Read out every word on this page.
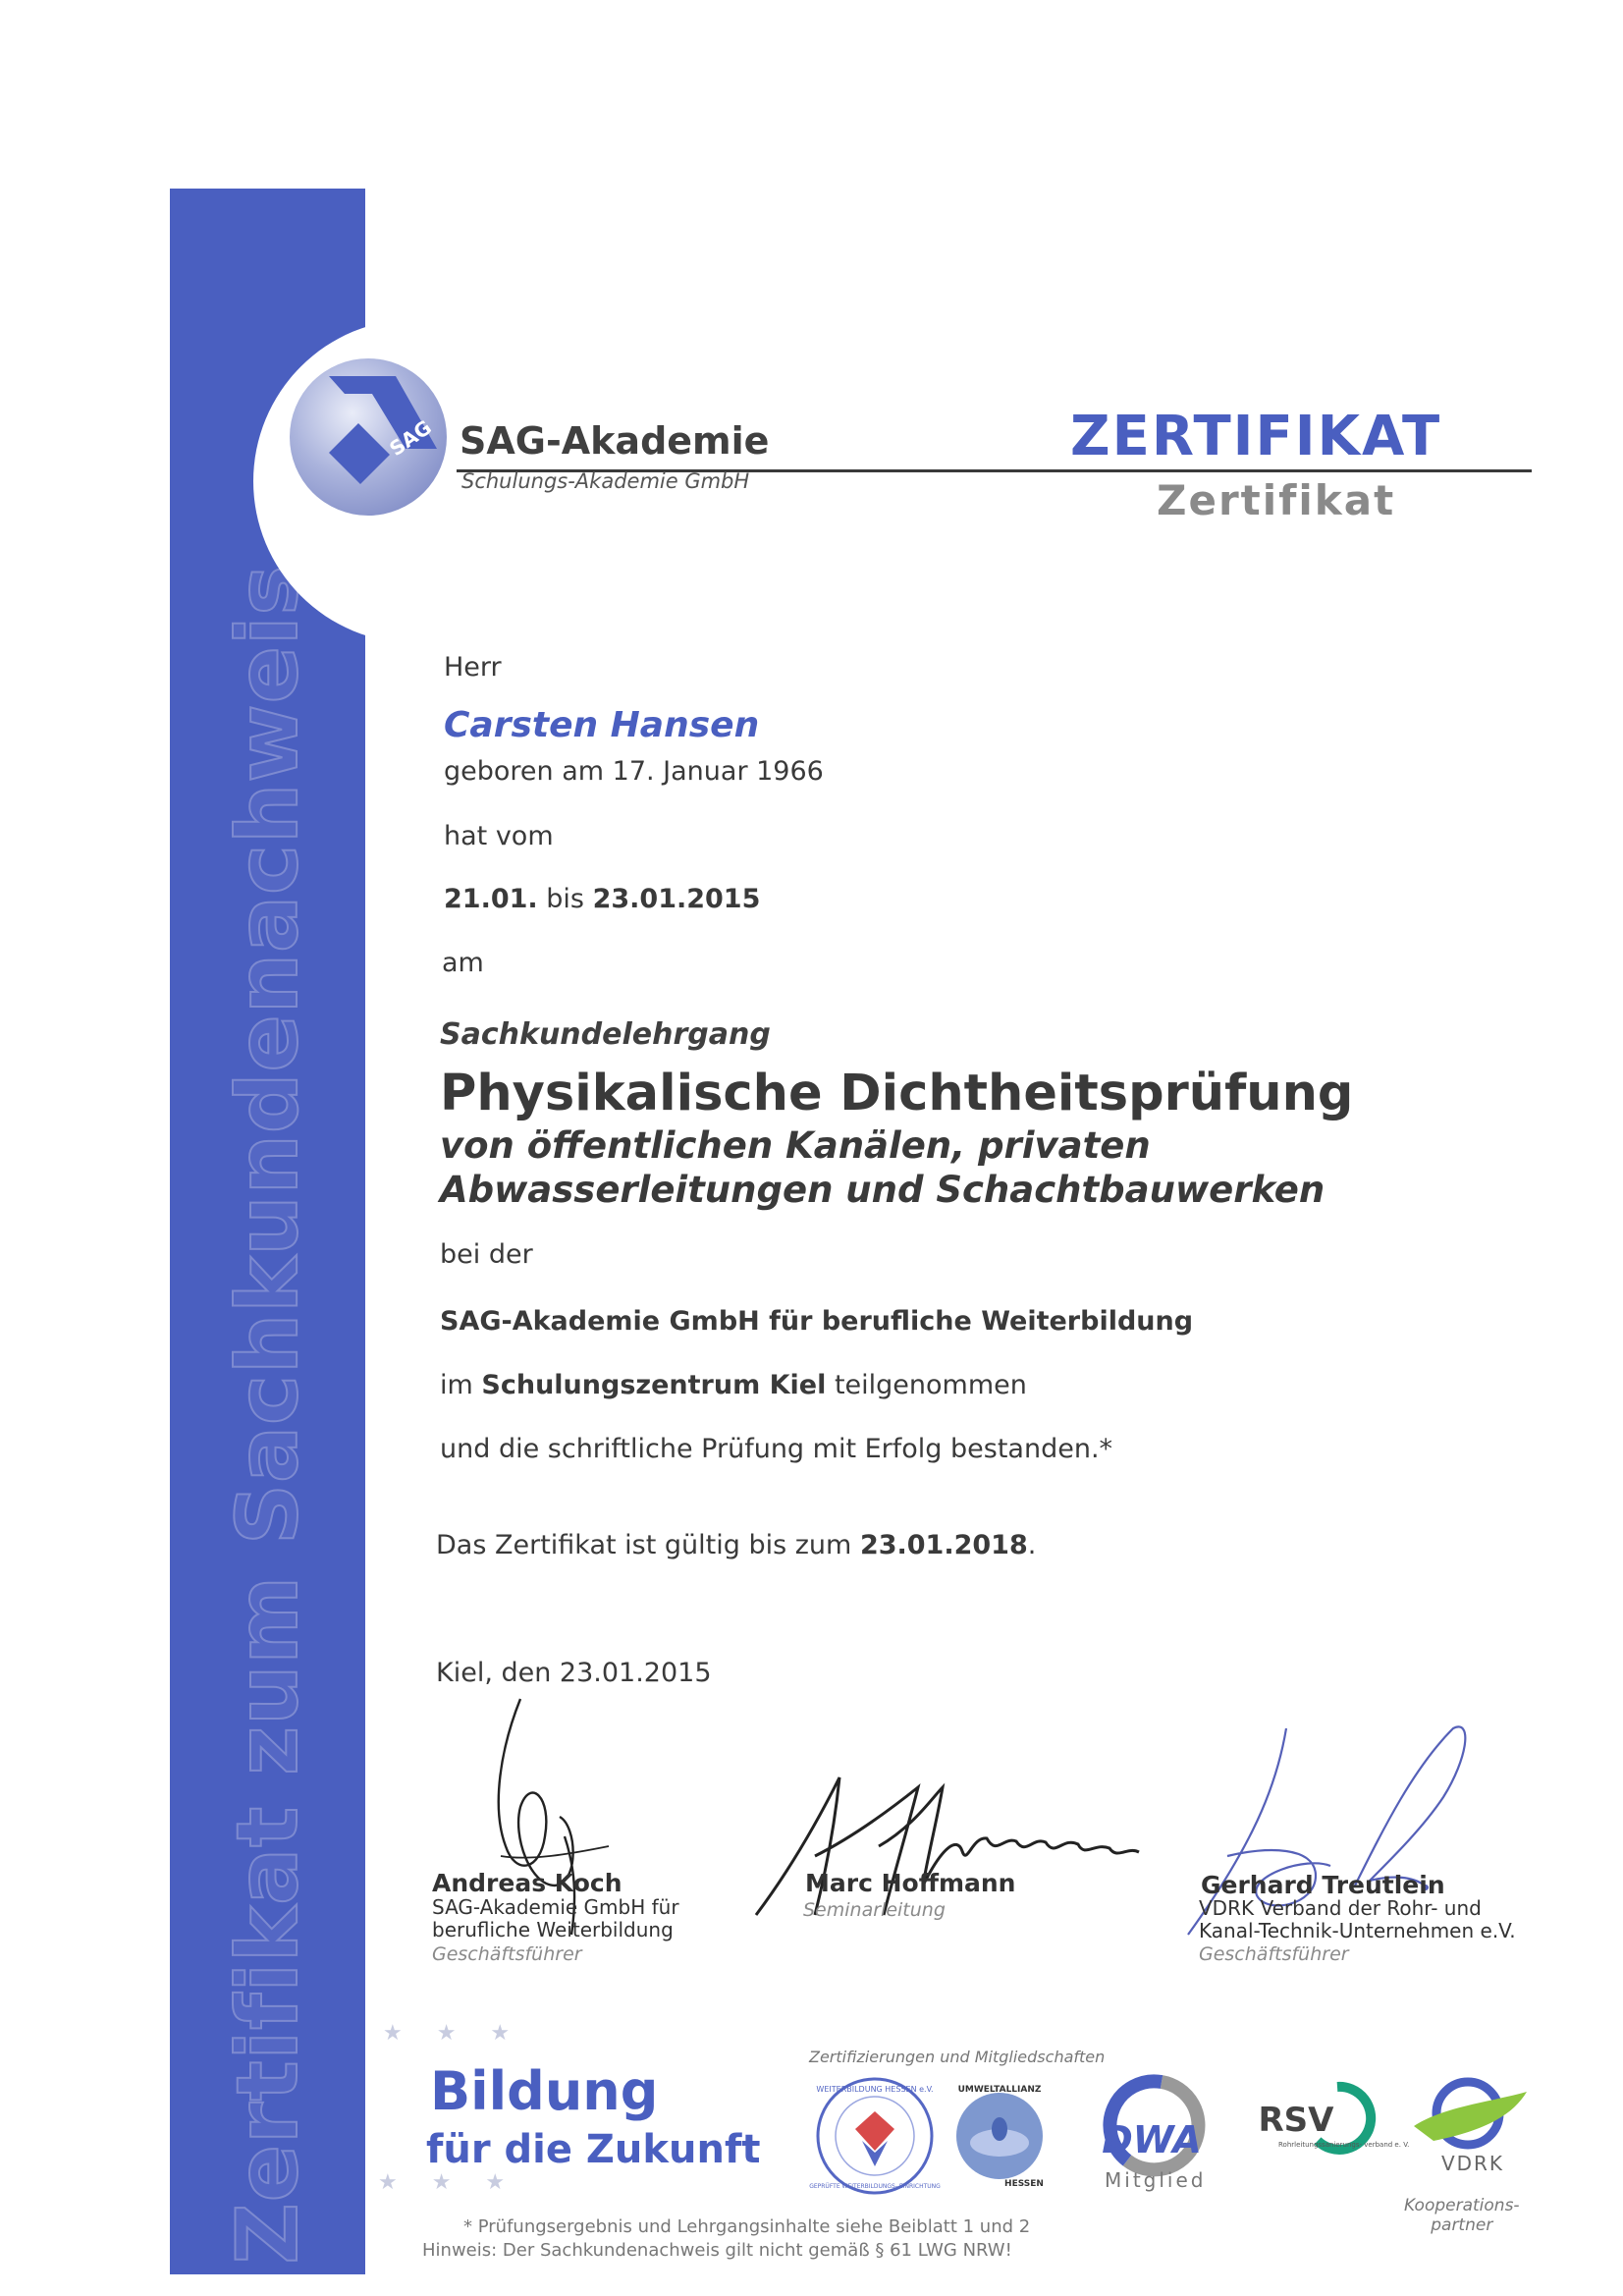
Zertifikat zum Sachkundenachweis
SAG SAG-Akademie
Schulungs-Akademie GmbH
ZERTIFIKAT
Zertifikat
Herr
Carsten Hansen
geboren am 17. Januar 1966
hat vom
21.01. bis 23.01.2015
am
Sachkundelehrgang
Physikalische Dichtheitsprüfung
von öffentlichen Kanälen, privaten
Abwasserleitungen und Schachtbauwerken
bei der
SAG-Akademie GmbH für berufliche Weiterbildung
im Schulungszentrum Kiel teilgenommen
und die schriftliche Prüfung mit Erfolg bestanden.*
Das Zertifikat ist gültig bis zum 23.01.2018.
Kiel, den 23.01.2015
Andreas Koch
SAG-Akademie GmbH für
berufliche Weiterbildung
Geschäftsführer
Marc Hoffmann
Seminarleitung
Gerhard Treutlein
VDRK Verband der Rohr- und
Kanal-Technik-Unternehmen e.V.
Geschäftsführer
★ ★ ★
Bildung
für die Zukunft
★ ★ ★
Zertifizierungen und Mitgliedschaften
WEITERBILDUNG HESSEN e.V.
GEPRÜFTE WEITERBILDUNGS- EINRICHTUNG
UMWELTALLIANZ
HESSEN
DWA
Mitglied
RSV
Rohrleitungssanierungs- verband e. V.
VDRK
Kooperations-
partner
* Prüfungsergebnis und Lehrgangsinhalte siehe Beiblatt 1 und 2
Hinweis: Der Sachkundenachweis gilt nicht gemäß § 61 LWG NRW!
